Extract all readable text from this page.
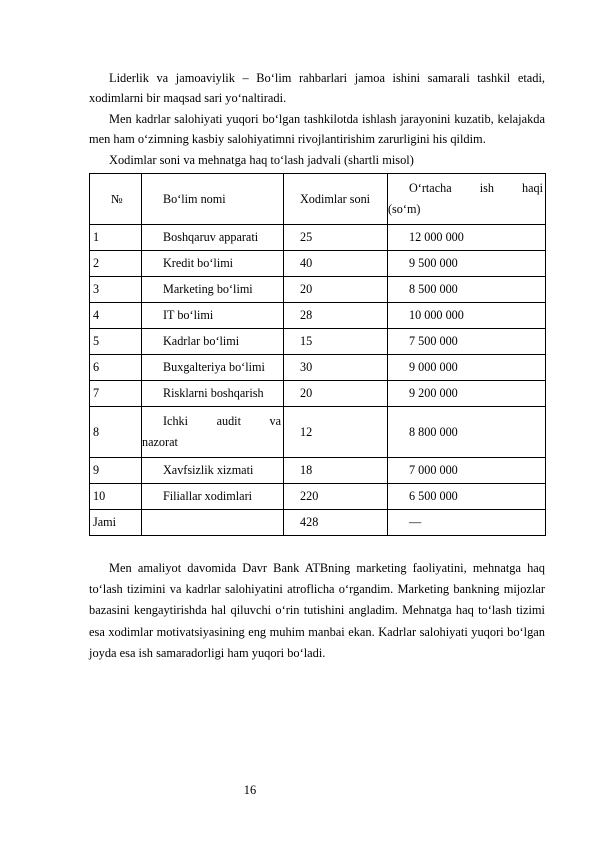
Liderlik va jamoaviylik – Bo‘lim rahbarlari jamoa ishini samarali tashkil etadi, xodimlarni bir maqsad sari yo‘naltiradi.

Men kadrlar salohiyati yuqori bo‘lgan tashkilotda ishlash jarayonini kuzatib, kelajakda men ham o‘zimning kasbiy salohiyatimni rivojlantirishim zarurligini his qildim.

Xodimlar soni va mehnatga haq to‘lash jadvali (shartli misol)

№	Bo‘lim nomi	Xodimlar soni	O‘rtacha ish haqi
(so‘m)

1	Boshqaruv apparati	25	12 000 000
2	Kredit bo‘limi	40	9 500 000
3	Marketing bo‘limi	20	8 500 000
4	IT bo‘limi	28	10 000 000
5	Kadrlar bo‘limi	15	7 500 000
6	Buxgalteriya bo‘limi	30	9 000 000
7	Risklarni boshqarish	20	9 200 000
8	Ichki audit va
nazorat	12	8 800 000
9	Xavfsizlik xizmati	18	7 000 000
10	Filiallar xodimlari	220	6 500 000
Jami		428	—

Men amaliyot davomida Davr Bank ATBning marketing faoliyatini, mehnatga haq to‘lash tizimini va kadrlar salohiyatini atroflicha o‘rgandim. Marketing bankning mijozlar bazasini kengaytirishda hal qiluvchi o‘rin tutishini angladim. Mehnatga haq to‘lash tizimi esa xodimlar motivatsiyasining eng muhim manbai ekan. Kadrlar salohiyati yuqori bo‘lgan joyda esa ish samaradorligi ham yuqori bo‘ladi.

16
